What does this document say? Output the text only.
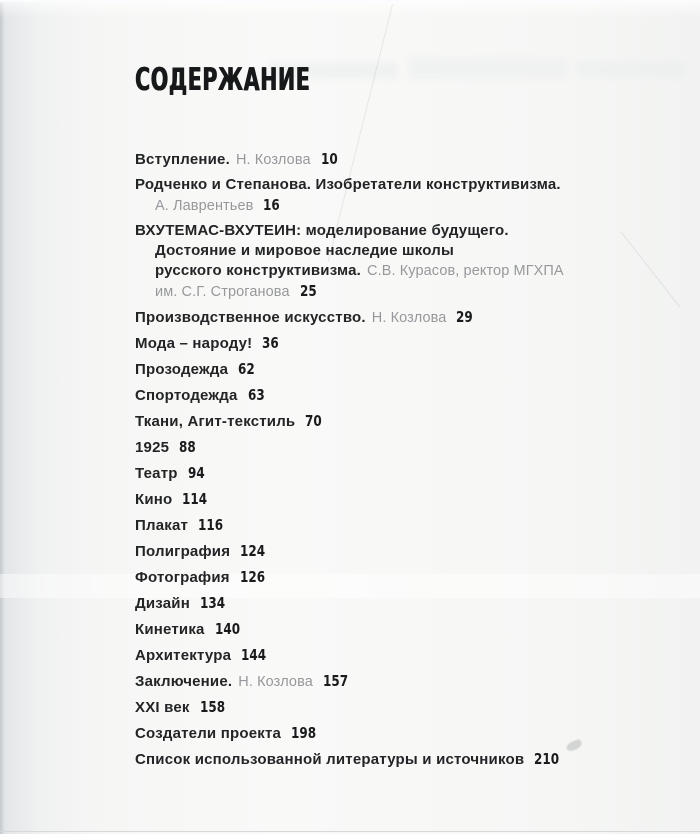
СОДЕРЖАНИЕ
Вступление. Н. Козлова 10
Родченко и Степанова. Изобретатели конструктивизма.
А. Лаврентьев 16
ВХУТЕМАС-ВХУТЕИН: моделирование будущего.
Достояние и мировое наследие школы
русского конструктивизма. С.В. Курасов, ректор МГХПА
им. С.Г. Строганова 25
Производственное искусство. Н. Козлова 29
Мода – народу! 36
Прозодежда 62
Спортодежда 63
Ткани, Агит-текстиль 70
1925 88
Театр 94
Кино 114
Плакат 116
Полиграфия 124
Фотография 126
Дизайн 134
Кинетика 140
Архитектура 144
Заключение. Н. Козлова 157
XXI век 158
Создатели проекта 198
Список использованной литературы и источников 210
